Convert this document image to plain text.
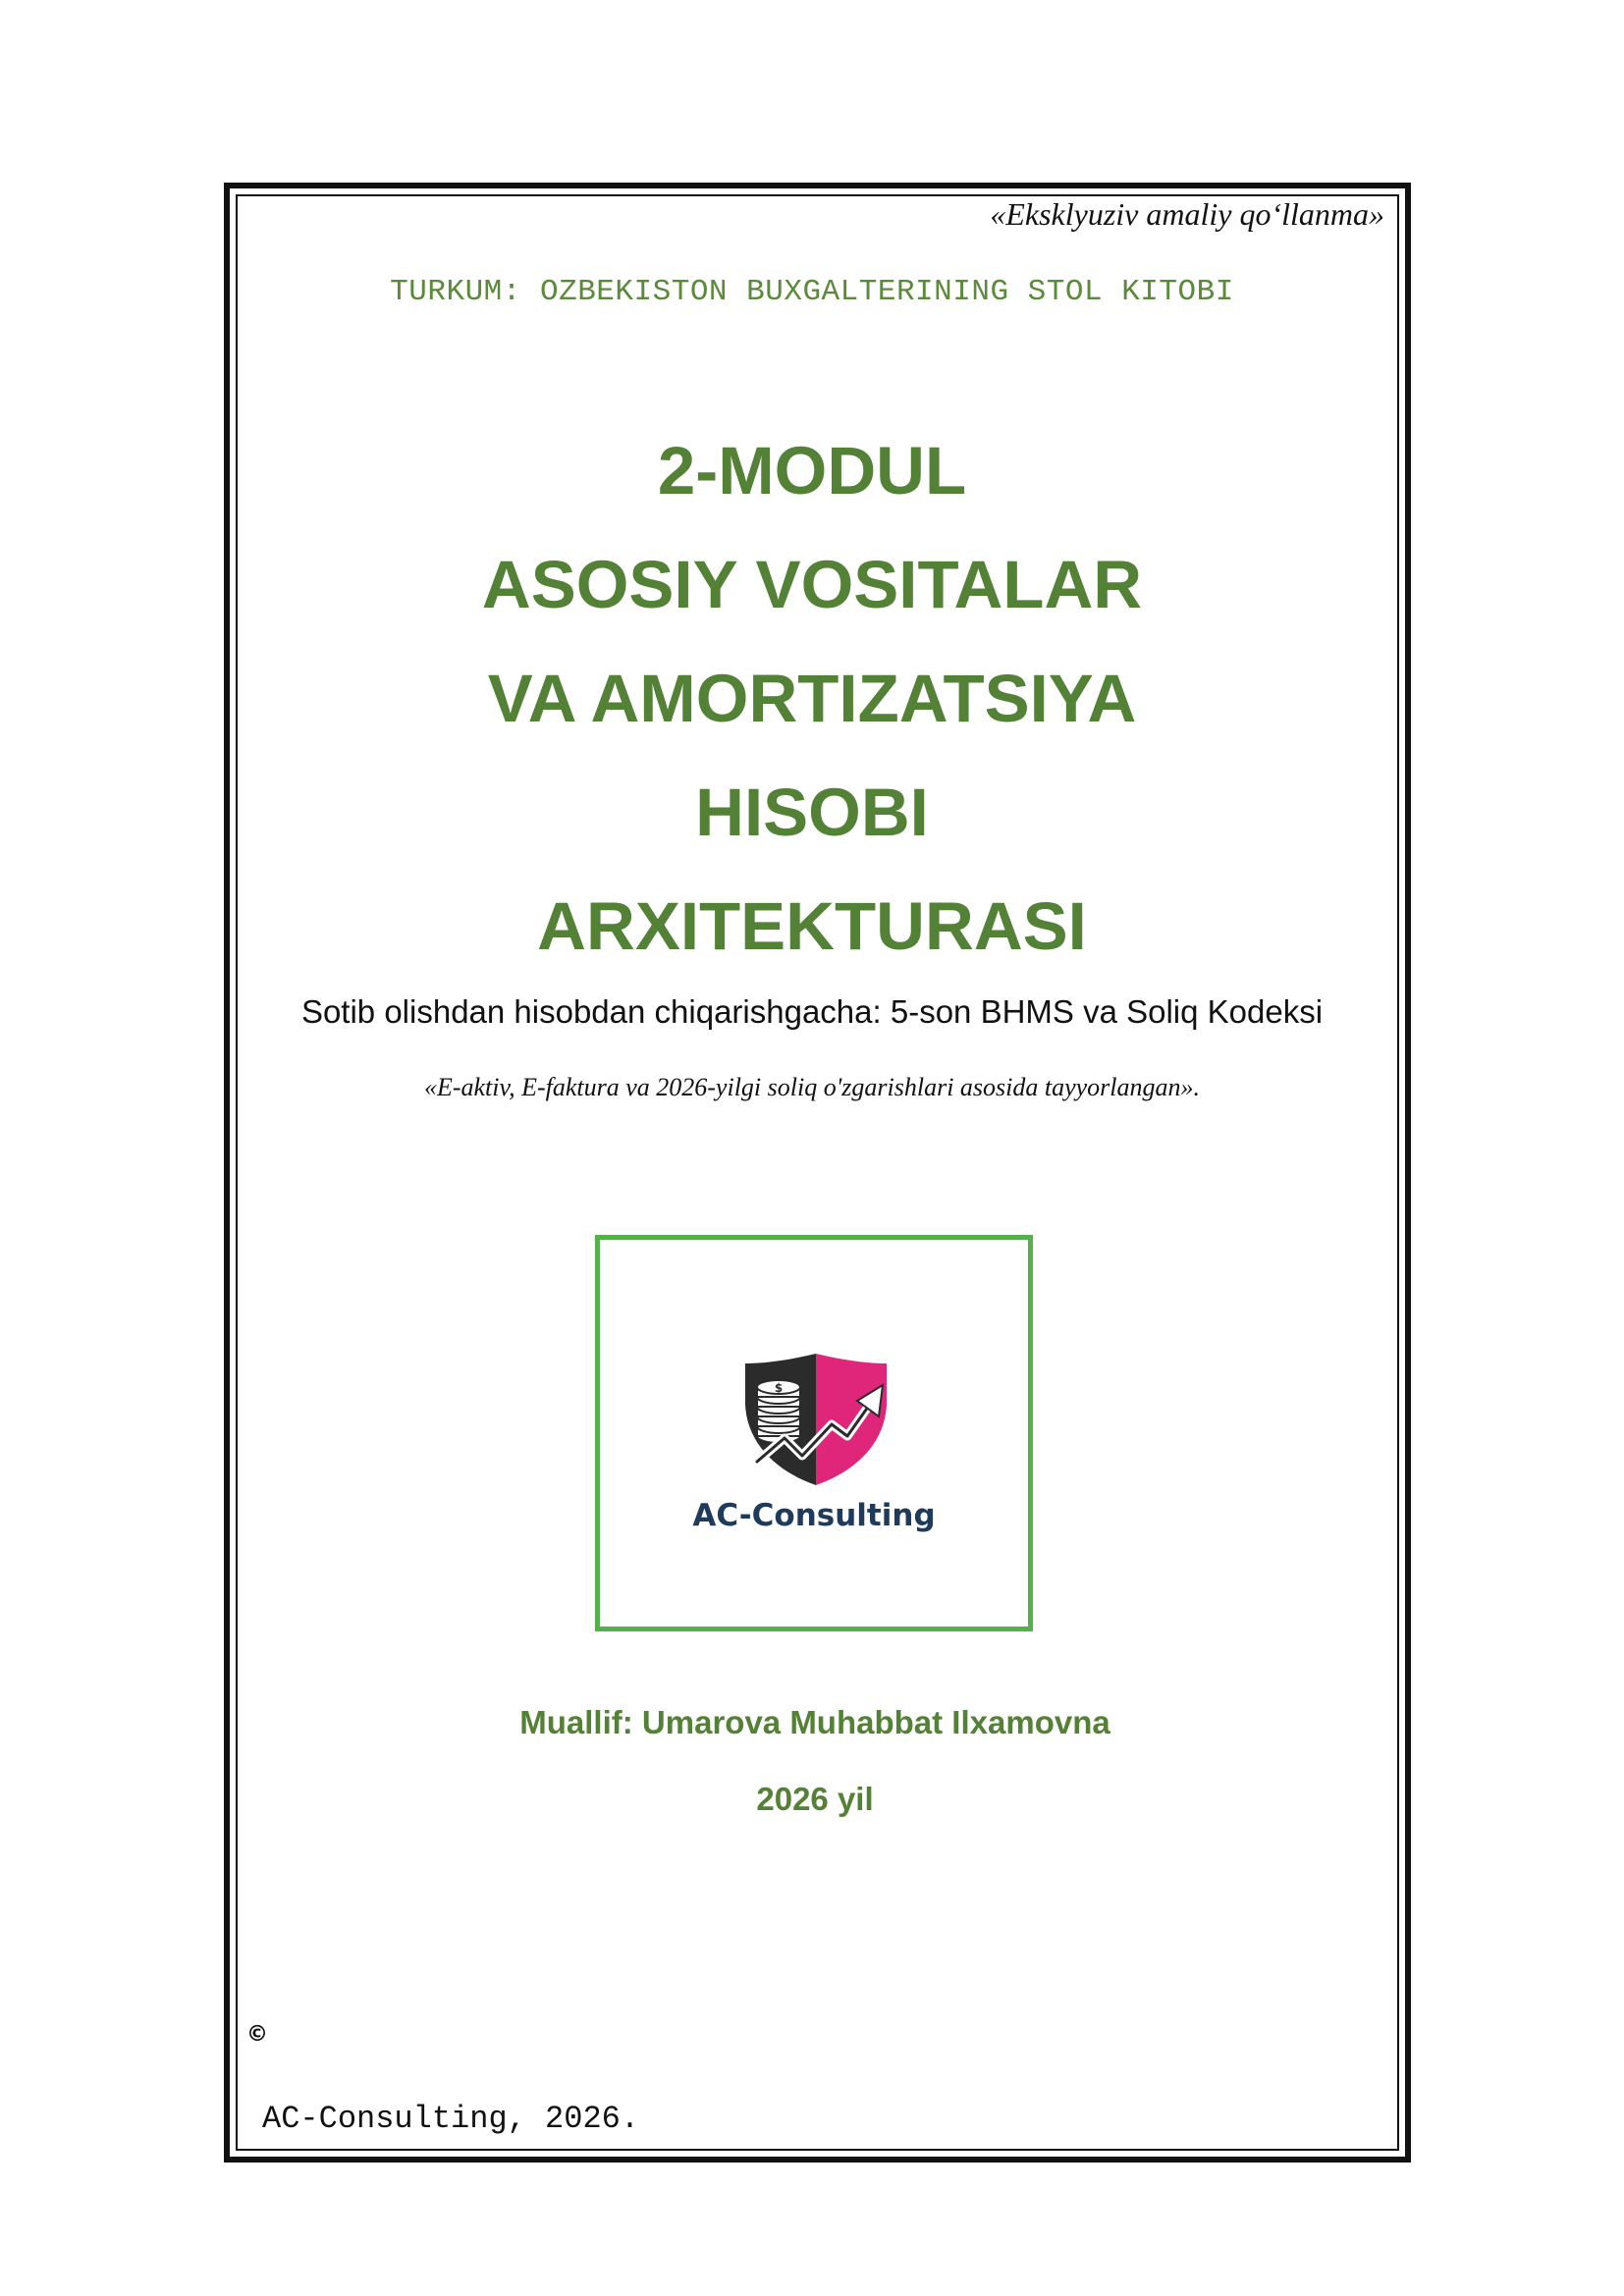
«Eksklyuziv amaliy qo‘llanma»
TURKUM: OZBEKISTON BUXGALTERINING STOL KITOBI
2-MODUL
ASOSIY VOSITALAR
VA AMORTIZATSIYA
HISOBI
ARXITEKTURASI
Sotib olishdan hisobdan chiqarishgacha: 5-son BHMS va Soliq Kodeksi
«E-aktiv, E-faktura va 2026-yilgi soliq o'zgarishlari asosida tayyorlangan».
$
AC-Consulting
Muallif: Umarova Muhabbat Ilxamovna
2026 yil
©
AC-Consulting, 2026.
